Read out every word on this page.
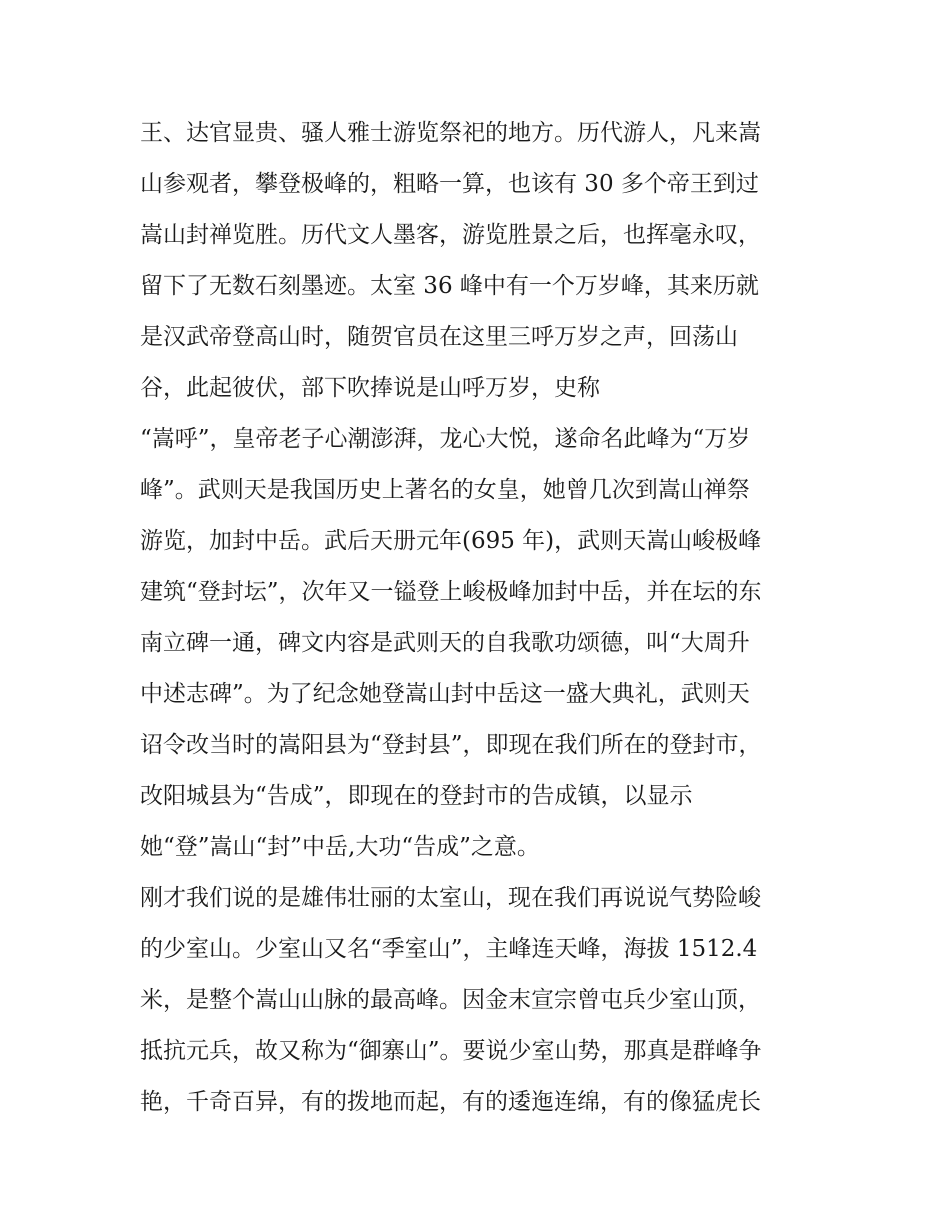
王、达官显贵、骚人雅士游览祭祀的地方。历代游人，凡来嵩
山参观者，攀登极峰的，粗略一算，也该有 30 多个帝王到过
嵩山封禅览胜。历代文人墨客，游览胜景之后，也挥毫永叹，
留下了无数石刻墨迹。太室 36 峰中有一个万岁峰，其来历就
是汉武帝登高山时，随贺官员在这里三呼万岁之声，回荡山
谷，此起彼伏，部下吹捧说是山呼万岁，史称
“嵩呼”，皇帝老子心潮澎湃，龙心大悦，遂命名此峰为“万岁
峰”。武则天是我国历史上著名的女皇，她曾几次到嵩山禅祭
游览，加封中岳。武后天册元年(695 年)，武则天嵩山峻极峰
建筑“登封坛”，次年又一镒登上峻极峰加封中岳，并在坛的东
南立碑一通，碑文内容是武则天的自我歌功颂德，叫“大周升
中述志碑”。为了纪念她登嵩山封中岳这一盛大典礼，武则天
诏令改当时的嵩阳县为“登封县”，即现在我们所在的登封市，
改阳城县为“告成”，即现在的登封市的告成镇，以显示
她“登”嵩山“封”中岳,大功“告成”之意。
刚才我们说的是雄伟壮丽的太室山，现在我们再说说气势险峻
的少室山。少室山又名“季室山”，主峰连天峰，海拔 1512.4
米，是整个嵩山山脉的最高峰。因金末宣宗曾屯兵少室山顶，
抵抗元兵，故又称为“御寨山”。要说少室山势，那真是群峰争
艳，千奇百异，有的拨地而起，有的逶迤连绵，有的像猛虎长
